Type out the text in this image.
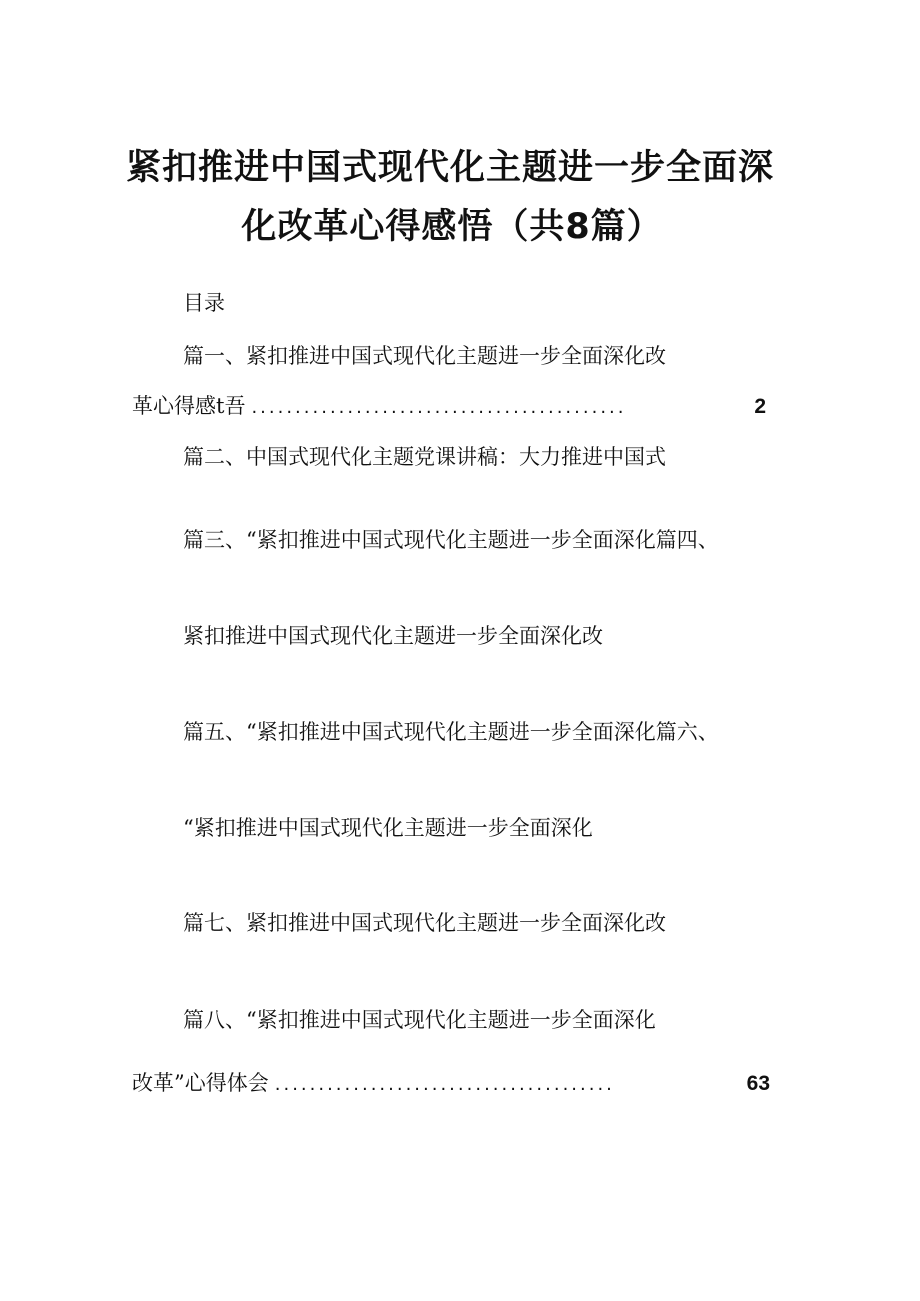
紧扣推进中国式现代化主题进一步全面深
化改革心得感悟（共8篇）
目录
篇一、紧扣推进中国式现代化主题进一步全面深化改
革心得感t吾 ...........................................	2
篇二、中国式现代化主题党课讲稿：大力推进中国式
篇三、“紧扣推进中国式现代化主题进一步全面深化篇四、
紧扣推进中国式现代化主题进一步全面深化改
篇五、“紧扣推进中国式现代化主题进一步全面深化篇六、
“紧扣推进中国式现代化主题进一步全面深化
篇七、紧扣推进中国式现代化主题进一步全面深化改
篇八、“紧扣推进中国式现代化主题进一步全面深化
改革”心得体会 .......................................	63
